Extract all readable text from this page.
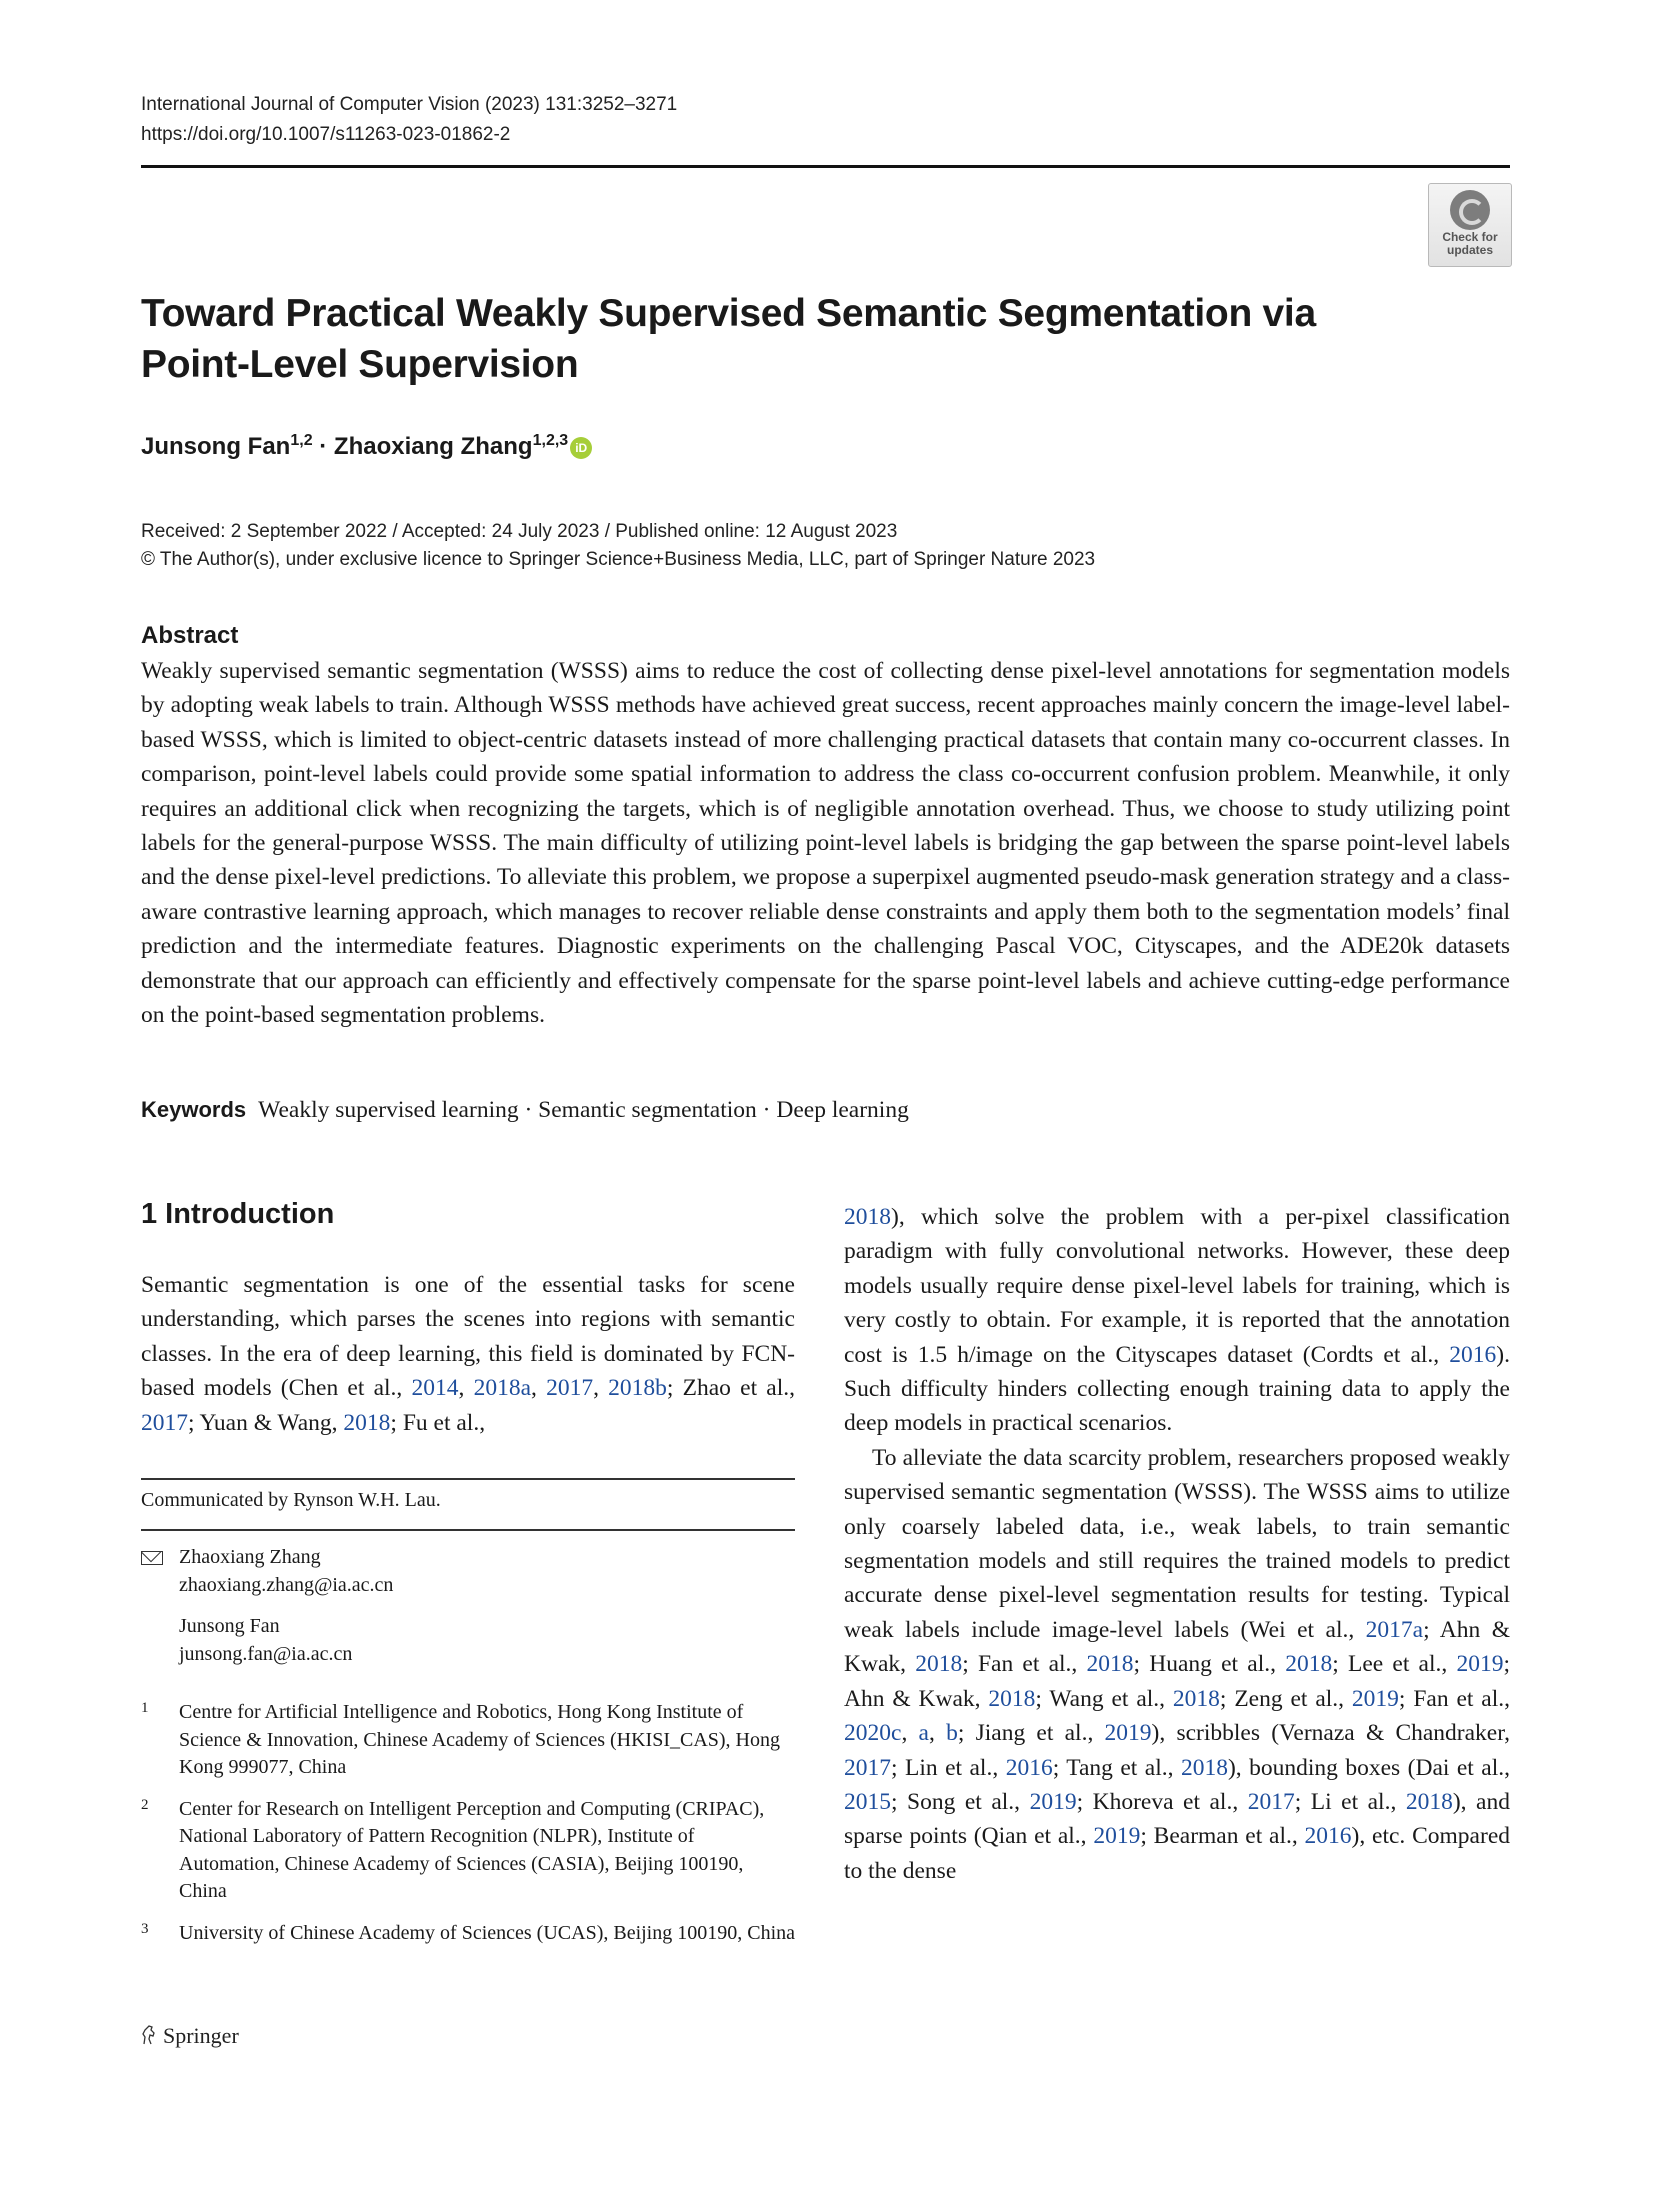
International Journal of Computer Vision (2023) 131:3252–3271
https://doi.org/10.1007/s11263-023-01862-2
Check for
updates
Toward Practical Weakly Supervised Semantic Segmentation via
Point-Level Supervision
Junsong Fan$^{1,2}$ · Zhaoxiang Zhang$^{1,2,3}$ iD
Received: 2 September 2022 / Accepted: 24 July 2023 / Published online: 12 August 2023
© The Author(s), under exclusive licence to Springer Science+Business Media, LLC, part of Springer Nature 2023
Abstract
Weakly supervised semantic segmentation (WSSS) aims to reduce the cost of collecting dense pixel-level annotations for segmentation models by adopting weak labels to train. Although WSSS methods have achieved great success, recent approaches mainly concern the image-level label-based WSSS, which is limited to object-centric datasets instead of more challenging practical datasets that contain many co-occurrent classes. In comparison, point-level labels could provide some spatial information to address the class co-occurrent confusion problem. Meanwhile, it only requires an additional click when recognizing the targets, which is of negligible annotation overhead. Thus, we choose to study utilizing point labels for the general-purpose WSSS. The main difficulty of utilizing point-level labels is bridging the gap between the sparse point-level labels and the dense pixel-level predictions. To alleviate this problem, we propose a superpixel augmented pseudo-mask generation strategy and a class-aware contrastive learning approach, which manages to recover reliable dense constraints and apply them both to the segmentation models’ final prediction and the intermediate features. Diagnostic experiments on the challenging Pascal VOC, Cityscapes, and the ADE20k datasets demonstrate that our approach can efficiently and effectively compensate for the sparse point-level labels and achieve cutting-edge performance on the point-based segmentation problems.
Keywords Weakly supervised learning · Semantic segmentation · Deep learning
1 Introduction
Semantic segmentation is one of the essential tasks for scene understanding, which parses the scenes into regions with semantic classes. In the era of deep learning, this field is dominated by FCN-based models (Chen et al., 2014, 2018a, 2017, 2018b; Zhao et al., 2017; Yuan & Wang, 2018; Fu et al.,
Communicated by Rynson W.H. Lau.
Zhaoxiang Zhang
zhaoxiang.zhang@ia.ac.cn
Junsong Fan
junsong.fan@ia.ac.cn
1 Centre for Artificial Intelligence and Robotics, Hong Kong Institute of Science & Innovation, Chinese Academy of Sciences (HKISI_CAS), Hong Kong 999077, China
2 Center for Research on Intelligent Perception and Computing (CRIPAC), National Laboratory of Pattern Recognition (NLPR), Institute of Automation, Chinese Academy of Sciences (CASIA), Beijing 100190, China
3 University of Chinese Academy of Sciences (UCAS), Beijing 100190, China

2018), which solve the problem with a per-pixel classification paradigm with fully convolutional networks. However, these deep models usually require dense pixel-level labels for training, which is very costly to obtain. For example, it is reported that the annotation cost is 1.5 h/image on the Cityscapes dataset (Cordts et al., 2016). Such difficulty hinders collecting enough training data to apply the deep models in practical scenarios.

To alleviate the data scarcity problem, researchers proposed weakly supervised semantic segmentation (WSSS). The WSSS aims to utilize only coarsely labeled data, i.e., weak labels, to train semantic segmentation models and still requires the trained models to predict accurate dense pixel-level segmentation results for testing. Typical weak labels include image-level labels (Wei et al., 2017a; Ahn & Kwak, 2018; Fan et al., 2018; Huang et al., 2018; Lee et al., 2019; Ahn & Kwak, 2018; Wang et al., 2018; Zeng et al., 2019; Fan et al., 2020c, a, b; Jiang et al., 2019), scribbles (Vernaza & Chandraker, 2017; Lin et al., 2016; Tang et al., 2018), bounding boxes (Dai et al., 2015; Song et al., 2019; Khoreva et al., 2017; Li et al., 2018), and sparse points (Qian et al., 2019; Bearman et al., 2016), etc. Compared to the dense

Springer
